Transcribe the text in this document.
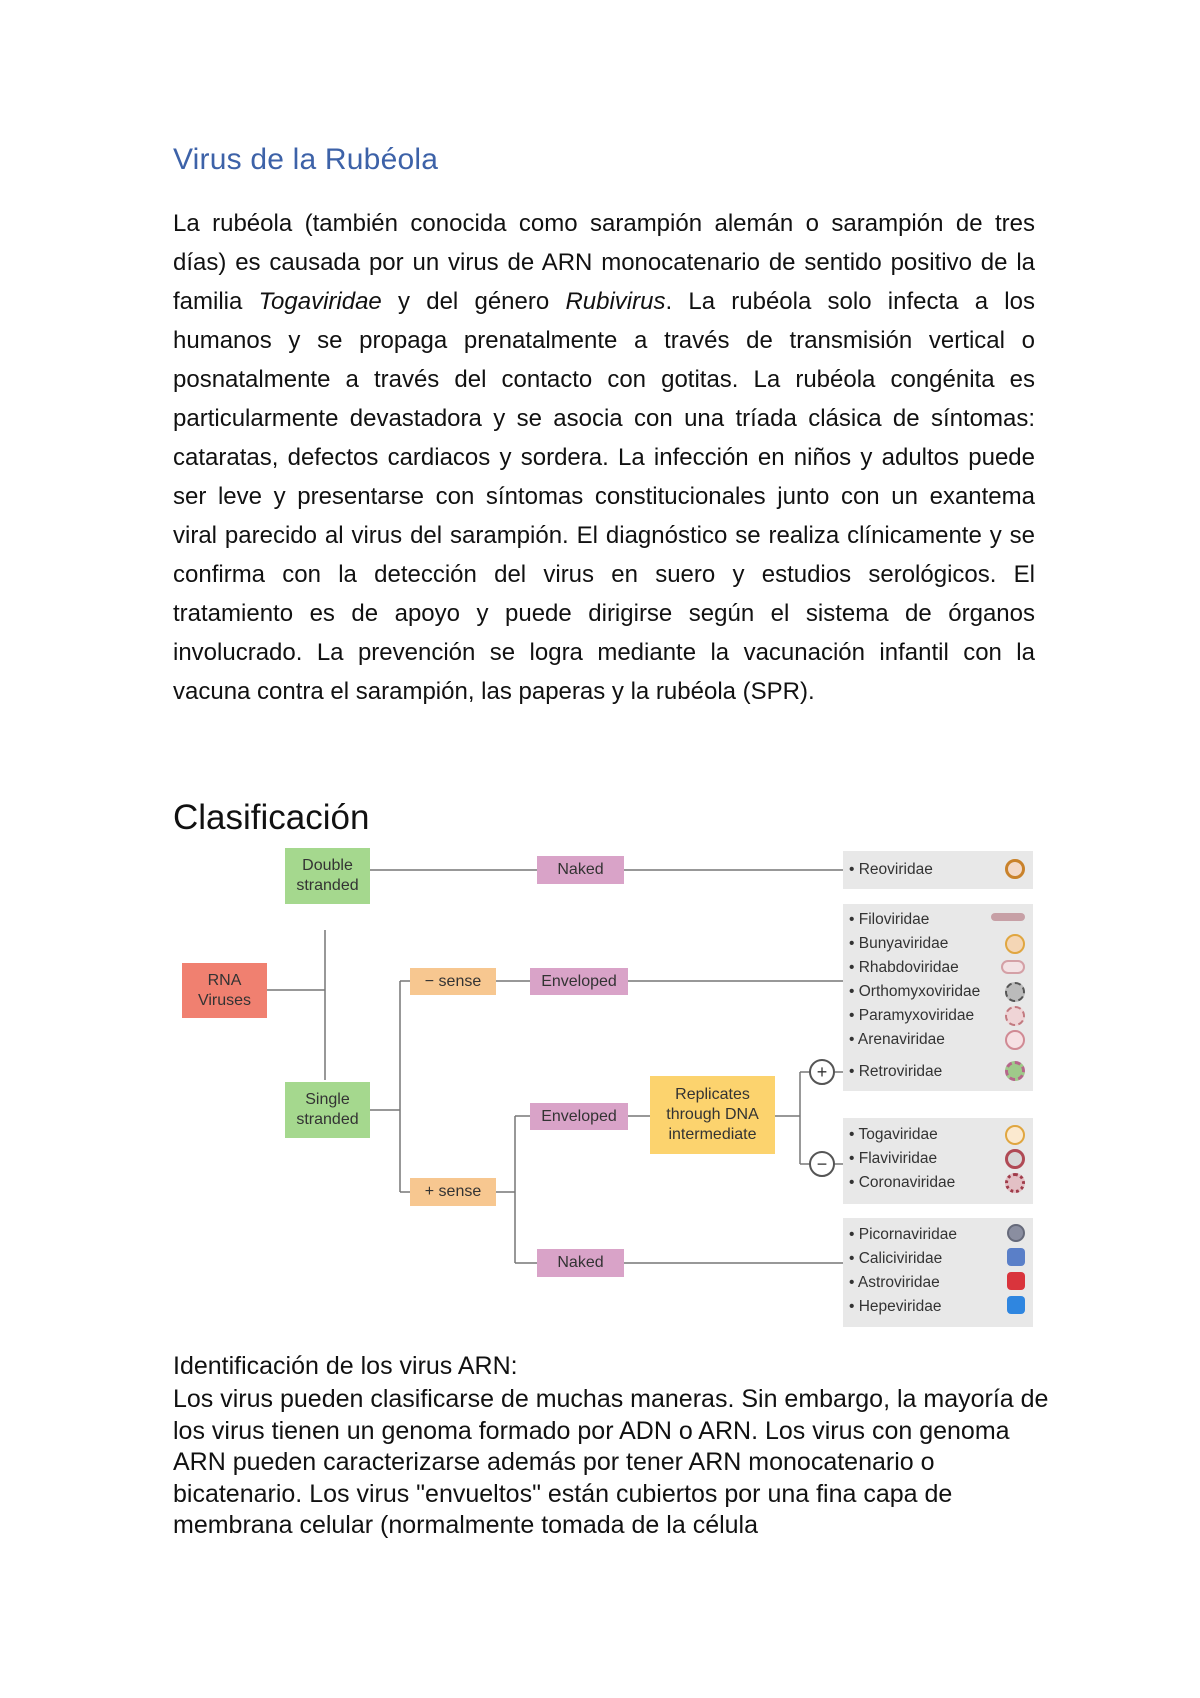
Virus de la Rubéola

La rubéola (también conocida como sarampión alemán o sarampión de tres días) es causada por un virus de ARN monocatenario de sentido positivo de la familia Togaviridae y del género Rubivirus. La rubéola solo infecta a los humanos y se propaga prenatalmente a través de transmisión vertical o posnatalmente a través del contacto con gotitas. La rubéola congénita es particularmente devastadora y se asocia con una tríada clásica de síntomas: cataratas, defectos cardiacos y sordera. La infección en niños y adultos puede ser leve y presentarse con síntomas constitucionales junto con un exantema viral parecido al virus del sarampión. El diagnóstico se realiza clínicamente y se confirma con la detección del virus en suero y estudios serológicos. El tratamiento es de apoyo y puede dirigirse según el sistema de órganos involucrado. La prevención se logra mediante la vacunación infantil con la vacuna contra el sarampión, las paperas y la rubéola (SPR).

Clasificación
RNA Viruses
Double stranded
Single stranded
Naked
− sense	Enveloped
+ sense
Enveloped
Replicates through DNA intermediate
Naked
+
−
• Reoviridae
• Filoviridae
• Bunyaviridae
• Rhabdoviridae
• Orthomyxoviridae
• Paramyxoviridae
• Arenaviridae
• Retroviridae
• Togaviridae
• Flaviviridae
• Coronaviridae
• Picornaviridae
• Caliciviridae
• Astroviridae
• Hepeviridae

Identificación de los virus ARN:

Los virus pueden clasificarse de muchas maneras. Sin embargo, la mayoría de los virus tienen un genoma formado por ADN o ARN. Los virus con genoma ARN pueden caracterizarse además por tener ARN monocatenario o bicatenario. Los virus "envueltos" están cubiertos por una fina capa de membrana celular (normalmente tomada de la célula
